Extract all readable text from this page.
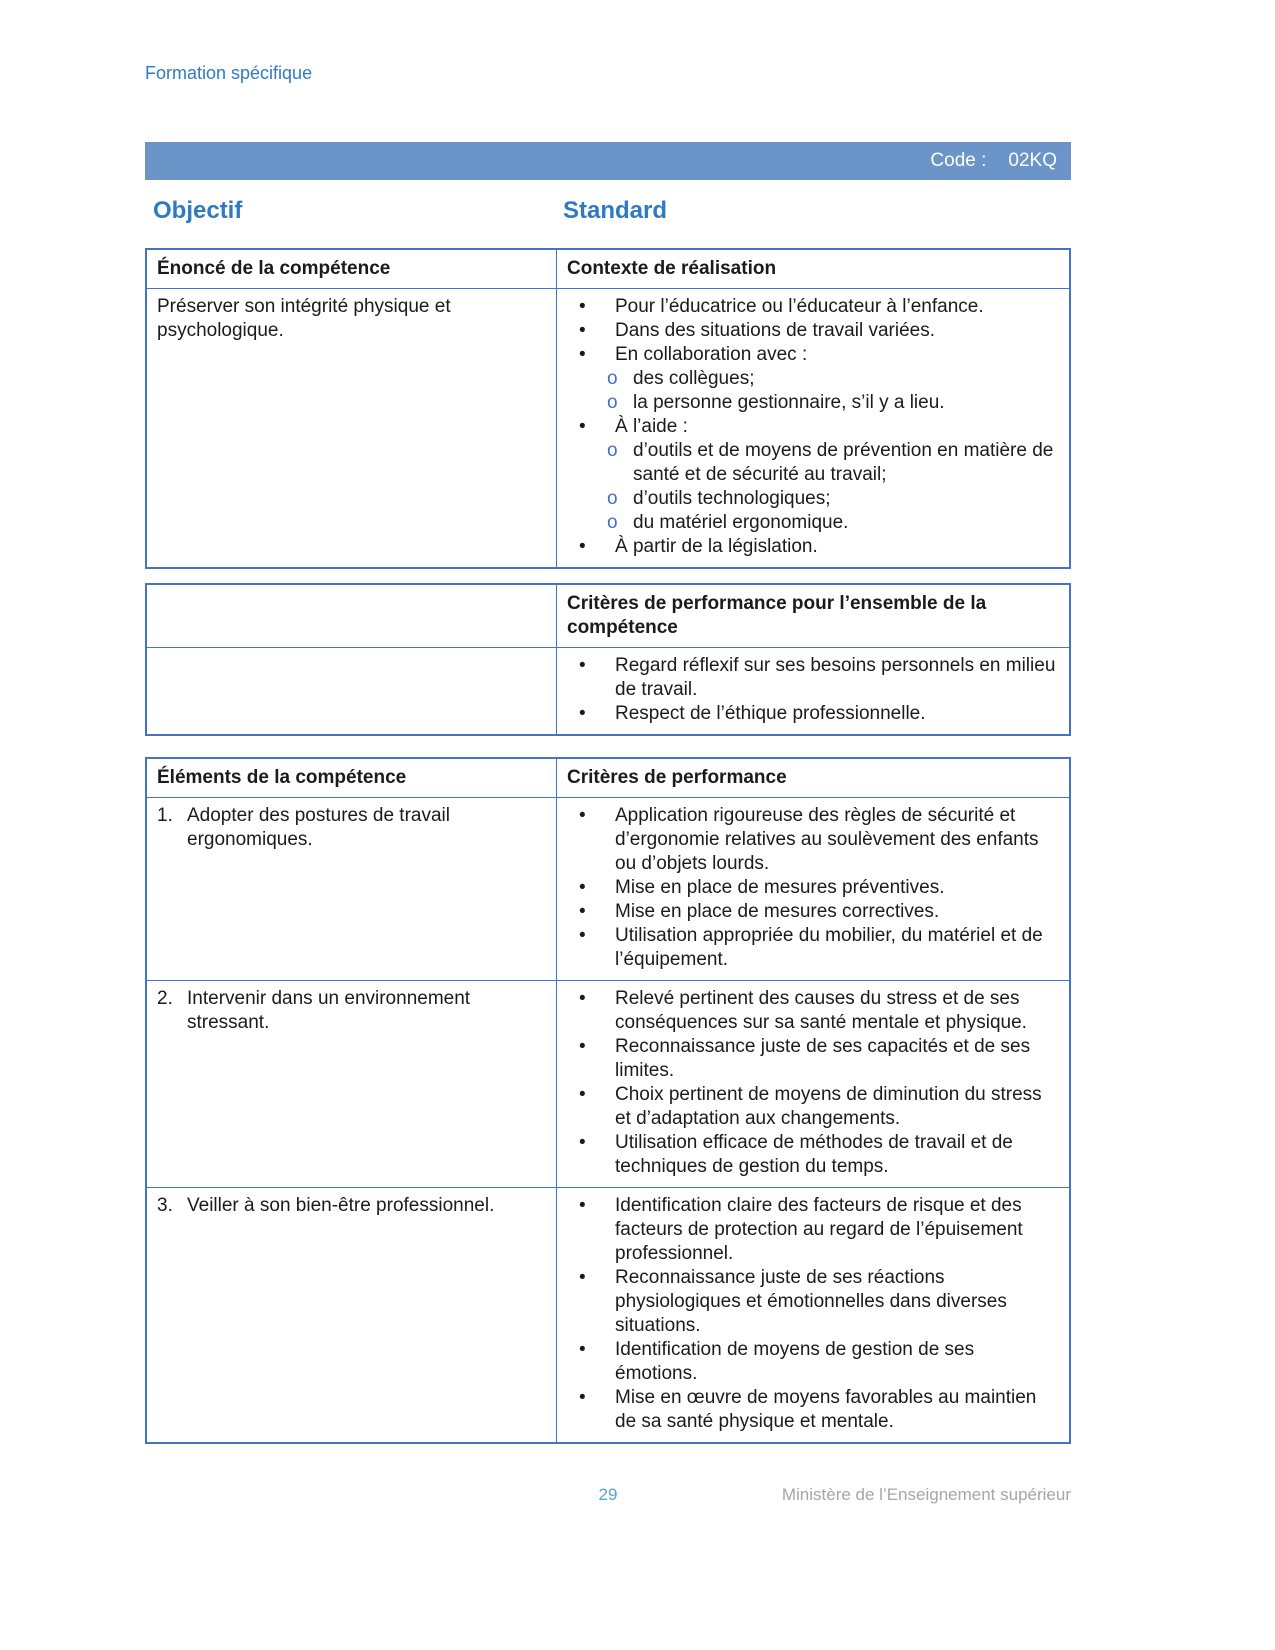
Formation spécifique
Code : 02KQ
Objectif	Standard
Énoncé de la compétence	Contexte de réalisation
Préserver son intégrité physique et psychologique.
•	Pour l’éducatrice ou l’éducateur à l’enfance.
•	Dans des situations de travail variées.
•	En collaboration avec :
o des collègues;
o la personne gestionnaire, s’il y a lieu.
•	À l’aide :
o d’outils et de moyens de prévention en matière de santé et de sécurité au travail;
o d’outils technologiques;
o du matériel ergonomique.
•	À partir de la législation.
Critères de performance pour l’ensemble de la compétence
•	Regard réflexif sur ses besoins personnels en milieu de travail.
•	Respect de l’éthique professionnelle.
Éléments de la compétence	Critères de performance
1. Adopter des postures de travail ergonomiques.
•	Application rigoureuse des règles de sécurité et d’ergonomie relatives au soulèvement des enfants ou d’objets lourds.
•	Mise en place de mesures préventives.
•	Mise en place de mesures correctives.
•	Utilisation appropriée du mobilier, du matériel et de l’équipement.
2. Intervenir dans un environnement stressant.
•	Relevé pertinent des causes du stress et de ses conséquences sur sa santé mentale et physique.
•	Reconnaissance juste de ses capacités et de ses limites.
•	Choix pertinent de moyens de diminution du stress et d’adaptation aux changements.
•	Utilisation efficace de méthodes de travail et de techniques de gestion du temps.
3. Veiller à son bien-être professionnel.	•	Identification claire des facteurs de risque et des facteurs de protection au regard de l’épuisement professionnel.
•	Reconnaissance juste de ses réactions physiologiques et émotionnelles dans diverses situations.
•	Identification de moyens de gestion de ses émotions.
•	Mise en œuvre de moyens favorables au maintien de sa santé physique et mentale.
29	Ministère de l’Enseignement supérieur
